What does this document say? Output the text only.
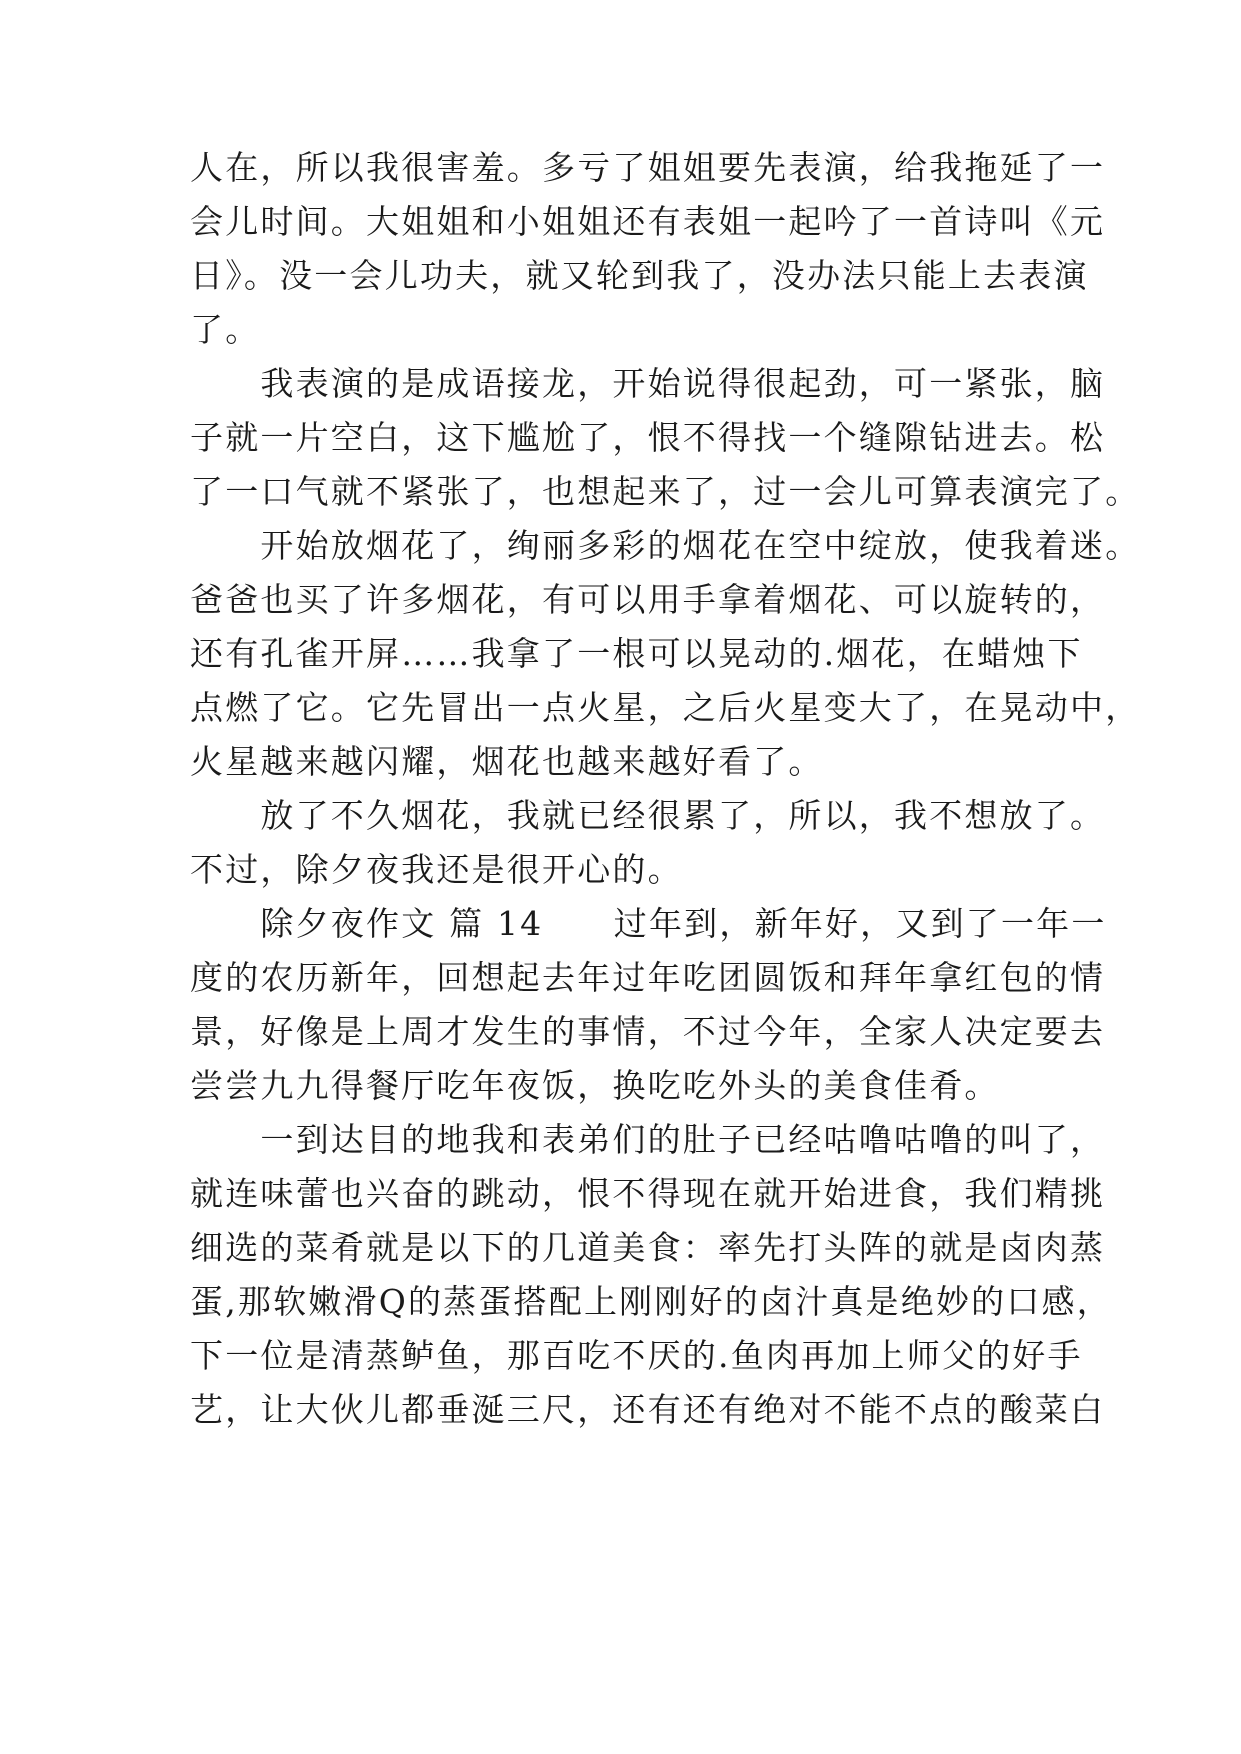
人在，所以我很害羞。多亏了姐姐要先表演，给我拖延了一
会儿时间。大姐姐和小姐姐还有表姐一起吟了一首诗叫《元
日》。没一会儿功夫，就又轮到我了，没办法只能上去表演
了。
　　我表演的是成语接龙，开始说得很起劲，可一紧张，脑
子就一片空白，这下尴尬了，恨不得找一个缝隙钻进去。松
了一口气就不紧张了，也想起来了，过一会儿可算表演完了。
　　开始放烟花了，绚丽多彩的烟花在空中绽放，使我着迷。
爸爸也买了许多烟花，有可以用手拿着烟花、可以旋转的，
还有孔雀开屏……我拿了一根可以晃动的.烟花，在蜡烛下
点燃了它。它先冒出一点火星，之后火星变大了，在晃动中，
火星越来越闪耀，烟花也越来越好看了。
　　放了不久烟花，我就已经很累了，所以，我不想放了。
不过，除夕夜我还是很开心的。
　　除夕夜作文 篇 14　　过年到，新年好，又到了一年一
度的农历新年，回想起去年过年吃团圆饭和拜年拿红包的情
景，好像是上周才发生的事情，不过今年，全家人决定要去
尝尝九九得餐厅吃年夜饭，换吃吃外头的美食佳肴。
　　一到达目的地我和表弟们的肚子已经咕噜咕噜的叫了，
就连味蕾也兴奋的跳动，恨不得现在就开始进食，我们精挑
细选的菜肴就是以下的几道美食：率先打头阵的就是卤肉蒸
蛋,那软嫩滑Q的蒸蛋搭配上刚刚好的卤汁真是绝妙的口感，
下一位是清蒸鲈鱼，那百吃不厌的.鱼肉再加上师父的好手
艺，让大伙儿都垂涎三尺，还有还有绝对不能不点的酸菜白
